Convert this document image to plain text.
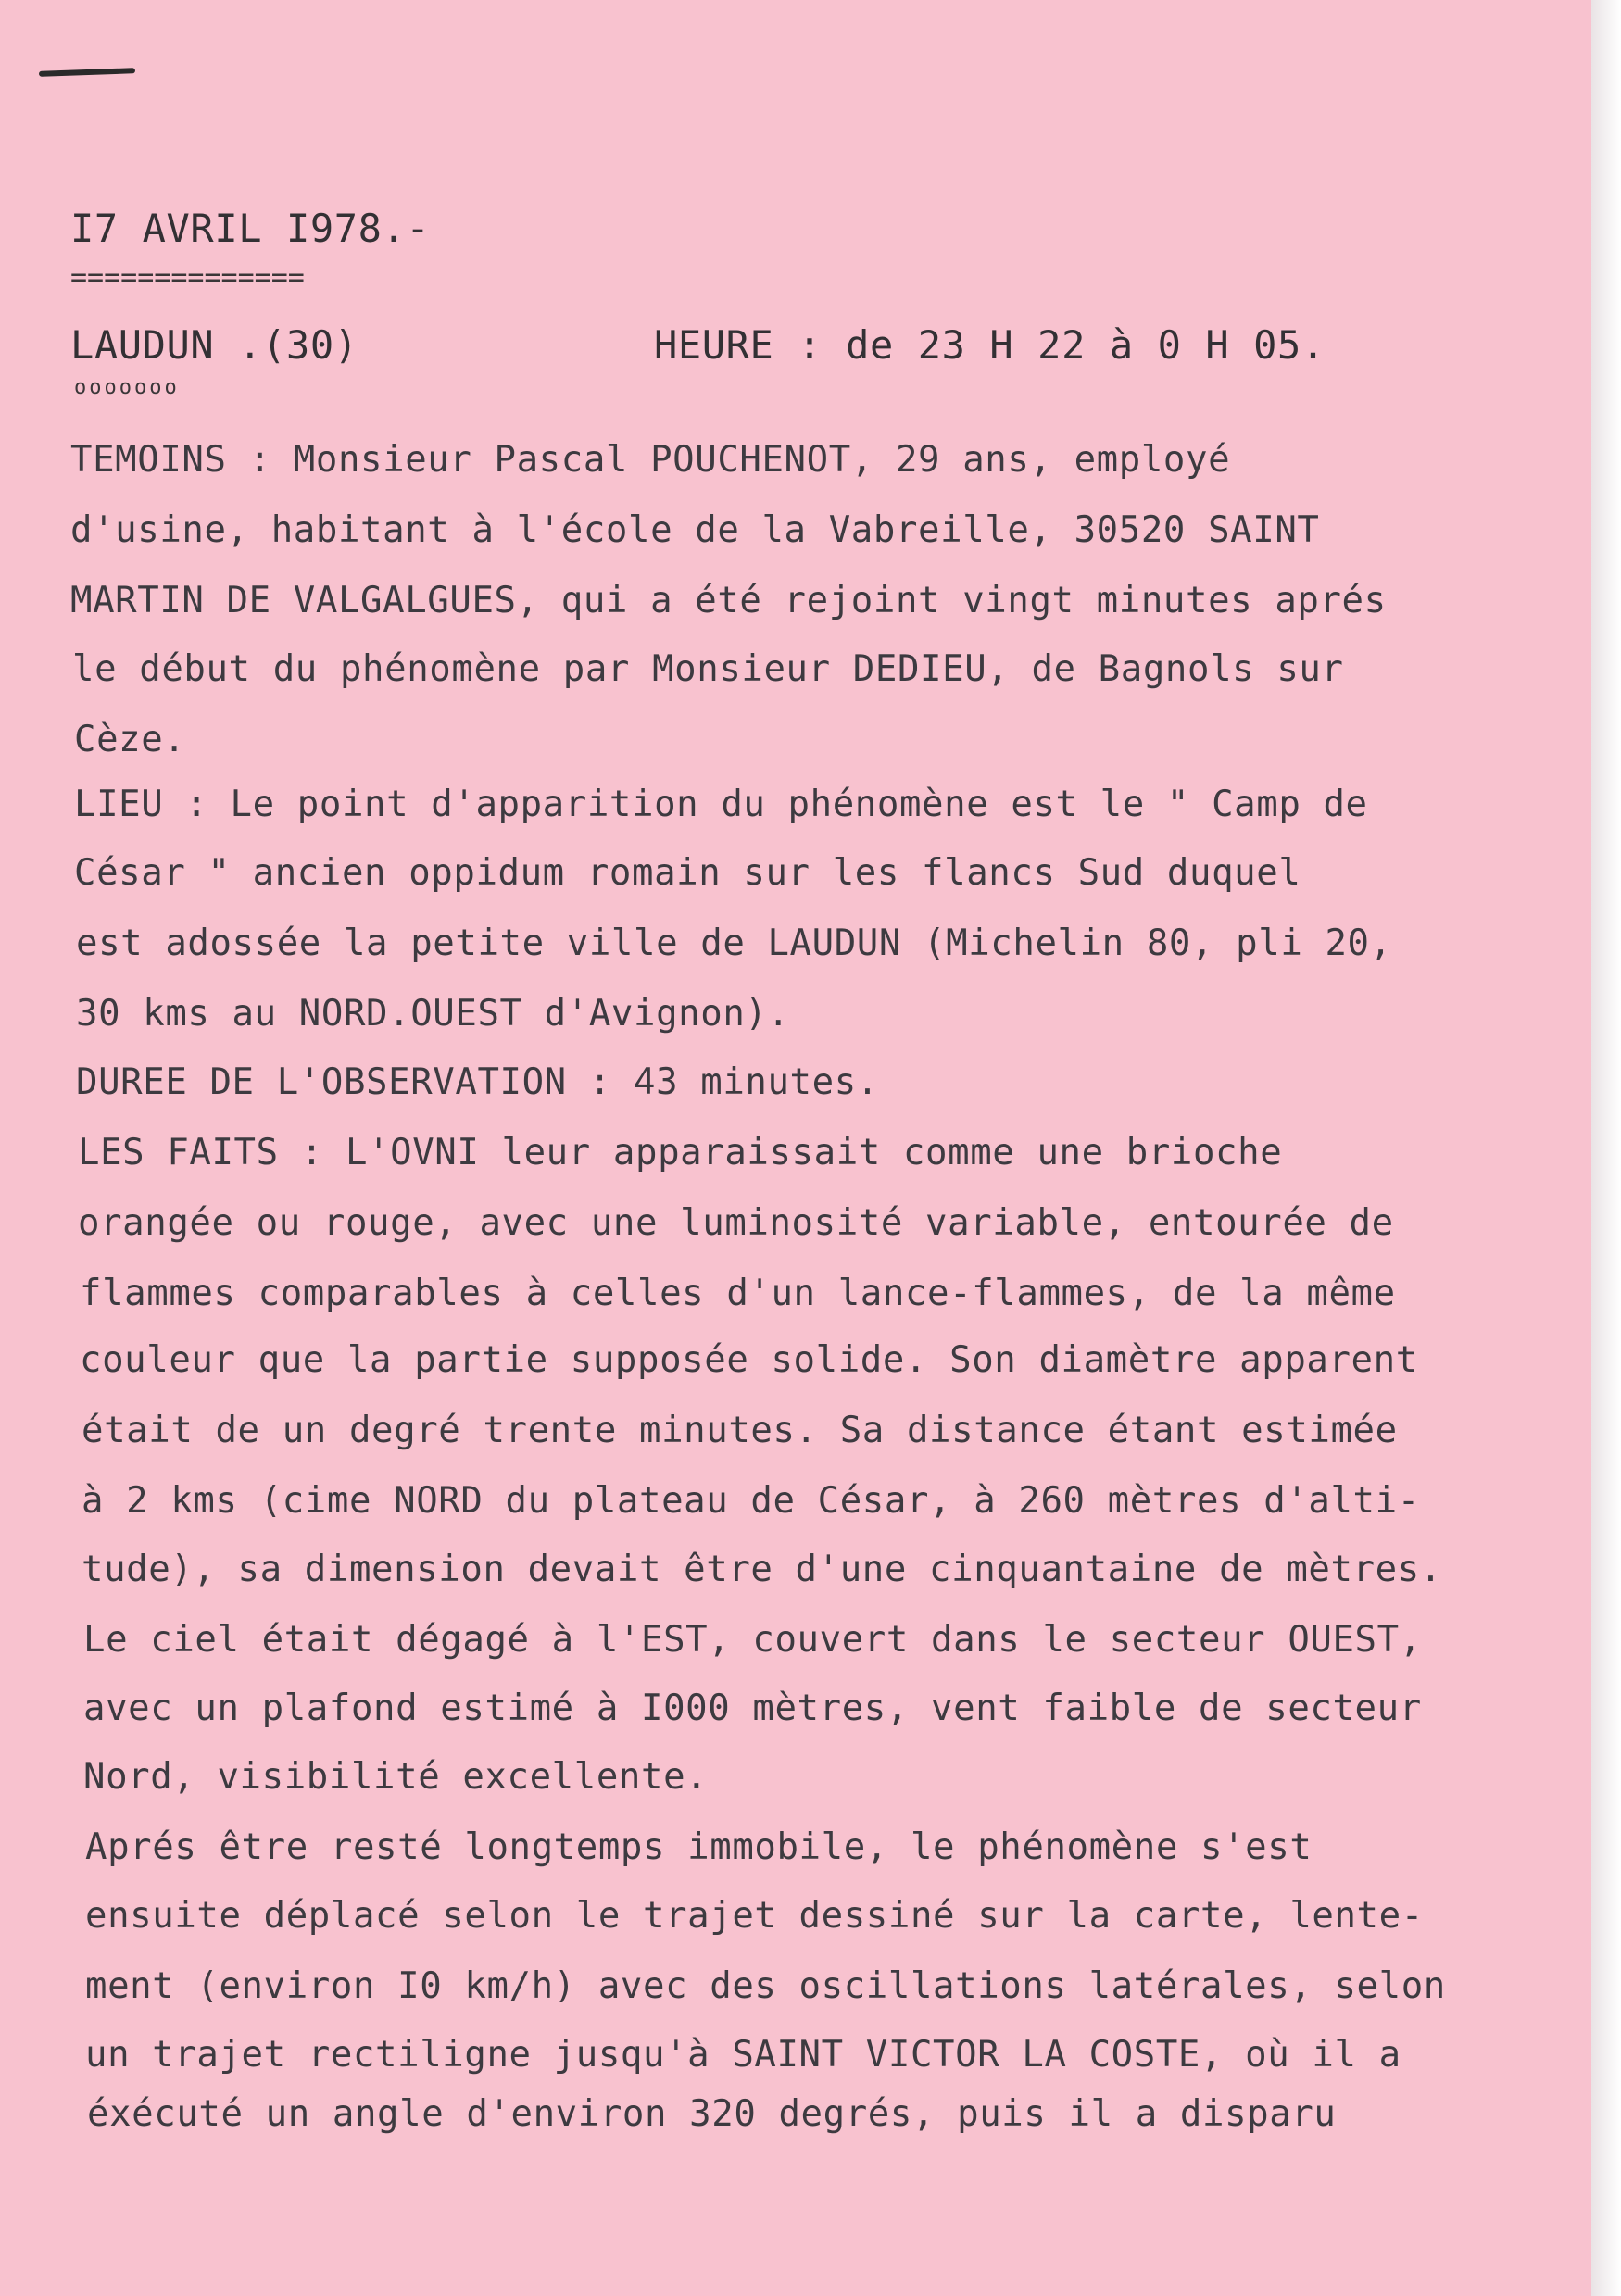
I7 AVRIL I978.-
==============
LAUDUN .(30)
ooooooo
HEURE : de 23 H 22 à 0 H 05.
TEMOINS : Monsieur Pascal POUCHENOT, 29 ans, employé
d'usine, habitant à l'école de la Vabreille, 30520 SAINT
MARTIN DE VALGALGUES, qui a été rejoint vingt minutes aprés
le début du phénomène par Monsieur DEDIEU, de Bagnols sur
Cèze.
LIEU : Le point d'apparition du phénomène est le " Camp de
César " ancien oppidum romain sur les flancs Sud duquel
est adossée la petite ville de LAUDUN (Michelin 80, pli 20,
30 kms au NORD.OUEST d'Avignon).
DUREE DE L'OBSERVATION : 43 minutes.
LES FAITS : L'OVNI leur apparaissait comme une brioche
orangée ou rouge, avec une luminosité variable, entourée de
flammes comparables à celles d'un lance-flammes, de la même
couleur que la partie supposée solide. Son diamètre apparent
était de un degré trente minutes. Sa distance étant estimée
à 2 kms (cime NORD du plateau de César, à 260 mètres d'alti-
tude), sa dimension devait être d'une cinquantaine de mètres.
Le ciel était dégagé à l'EST, couvert dans le secteur OUEST,
avec un plafond estimé à I000 mètres, vent faible de secteur
Nord, visibilité excellente.
Aprés être resté longtemps immobile, le phénomène s'est
ensuite déplacé selon le trajet dessiné sur la carte, lente-
ment (environ I0 km/h) avec des oscillations latérales, selon
un trajet rectiligne jusqu'à SAINT VICTOR LA COSTE, où il a
éxécuté un angle d'environ 320 degrés, puis il a disparu
